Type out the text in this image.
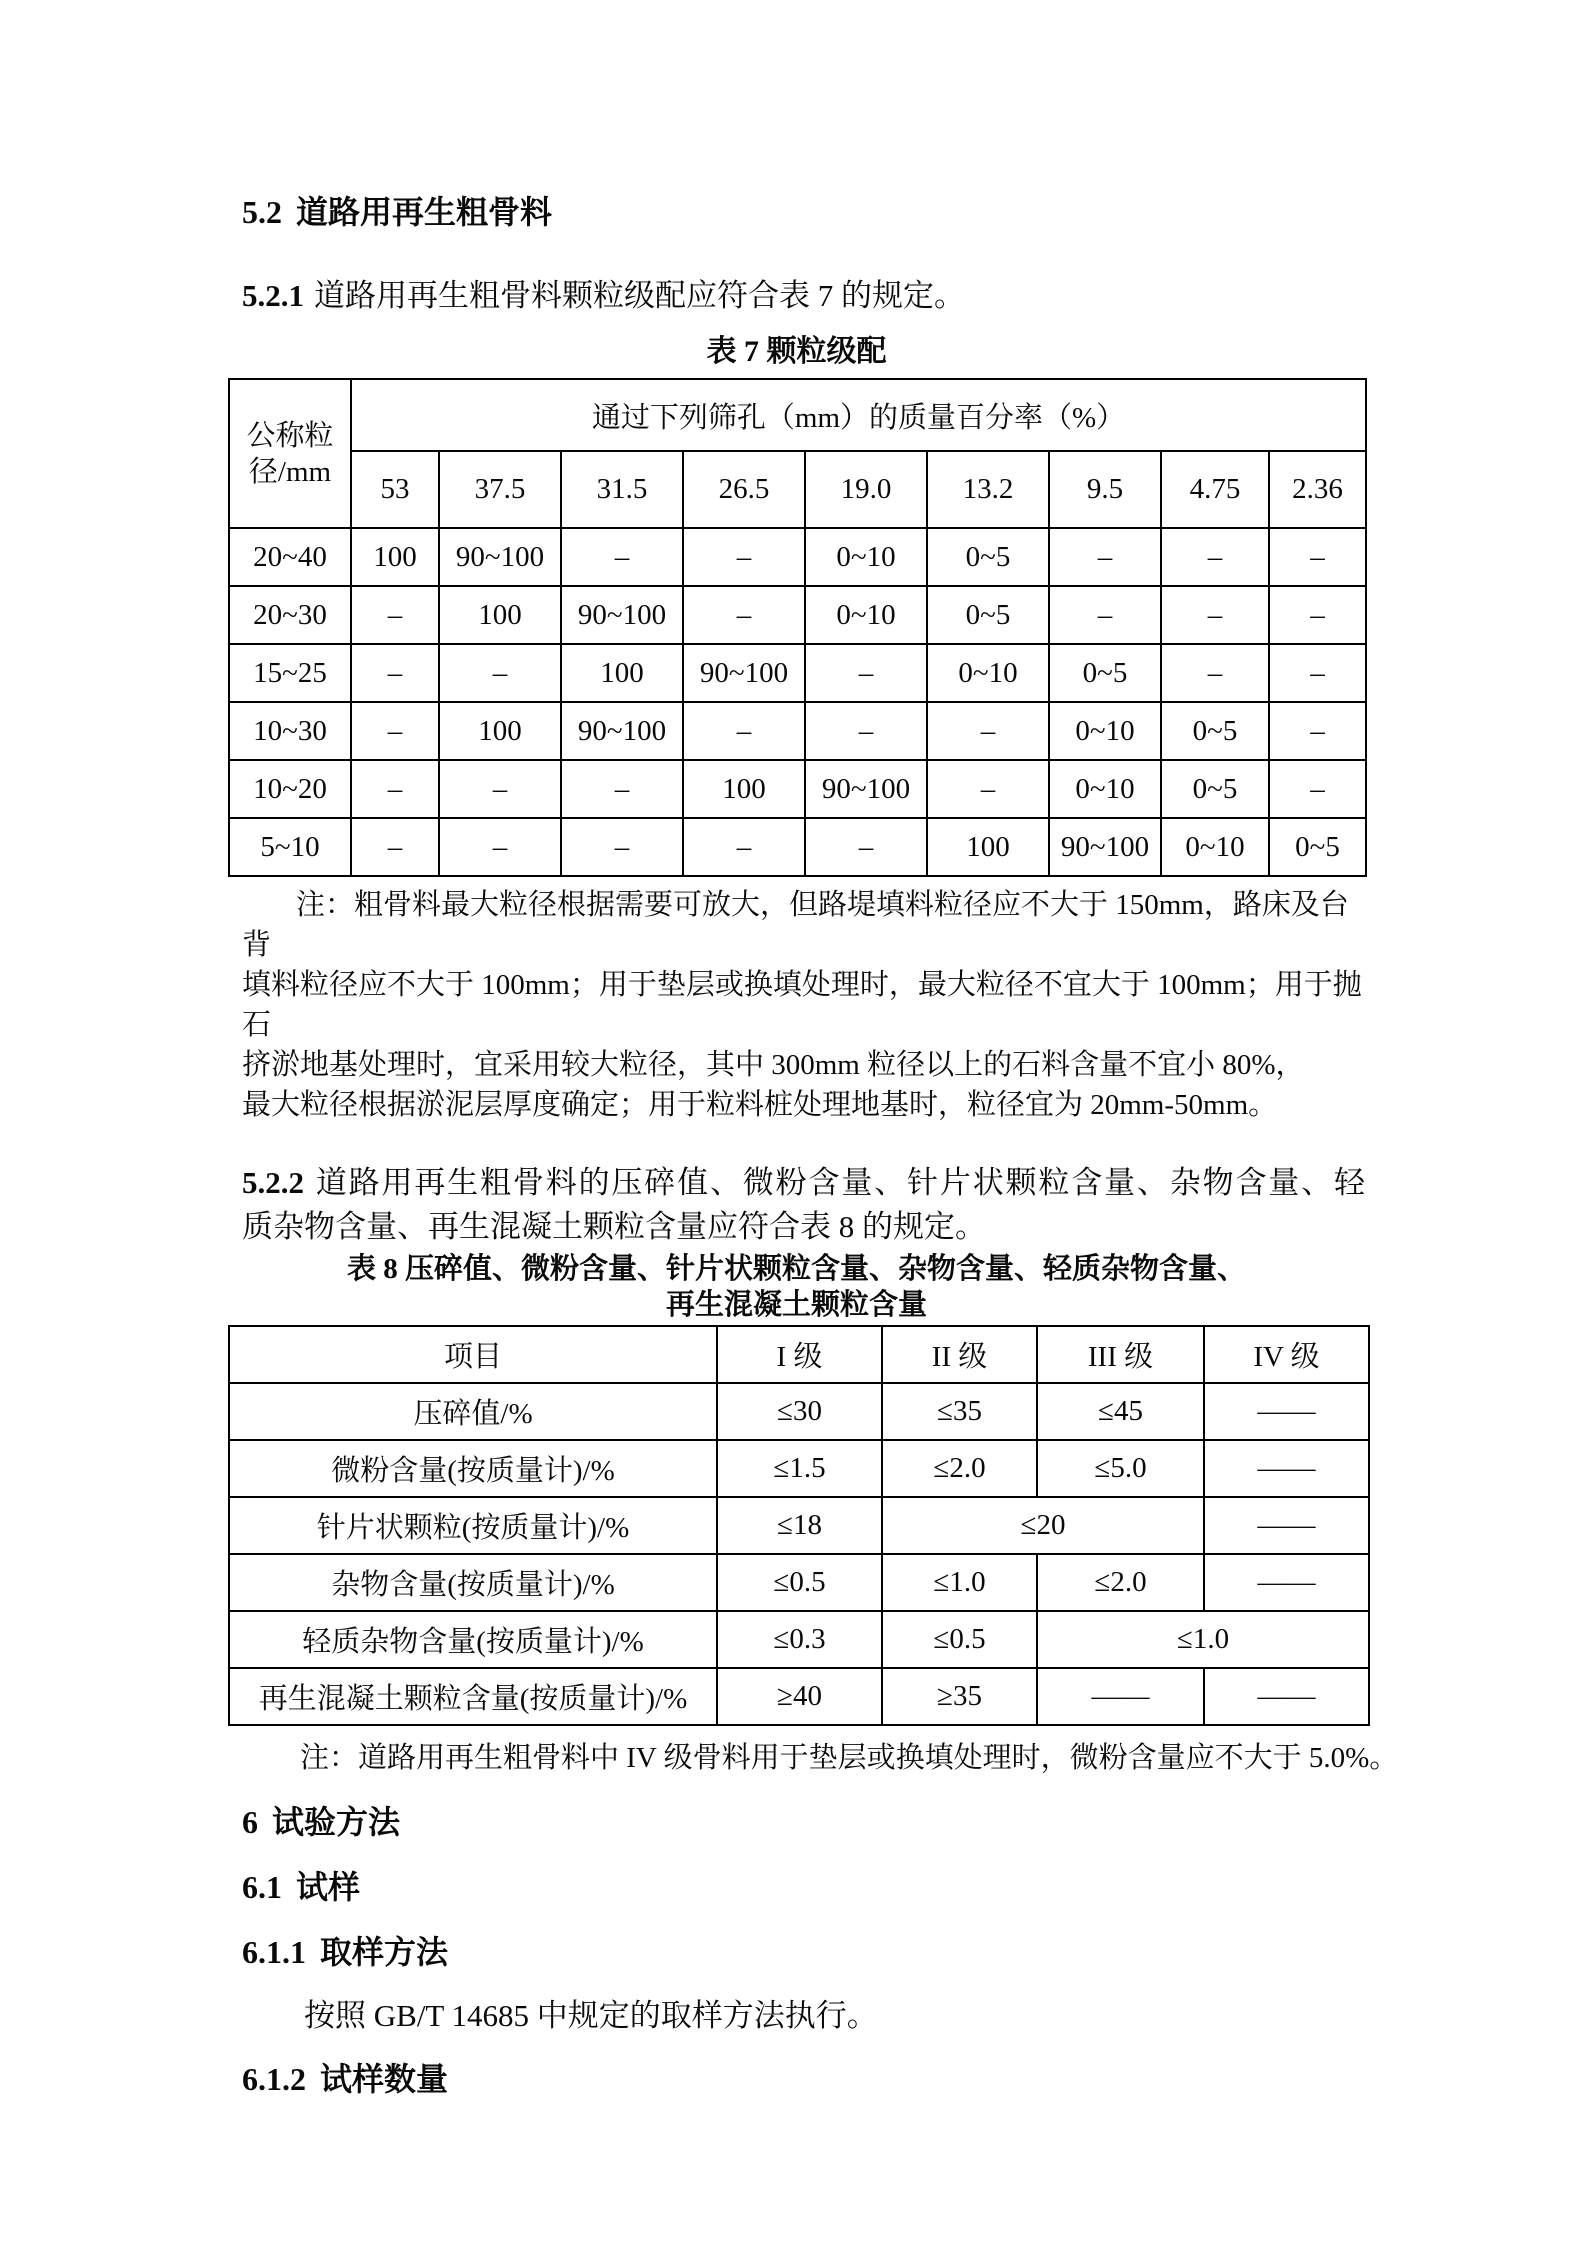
5.2 道路用再生粗骨料
5.2.1 道路用再生粗骨料颗粒级配应符合表 7 的规定。
表 7 颗粒级配
公称粒
径/mm	通过下列筛孔（mm）的质量百分率（%）								
	53	37.5	31.5	26.5	19.0	13.2	9.5	4.75	2.36
20~40	100	90~100	–	–	0~10	0~5	–	–	–
20~30	–	100	90~100	–	0~10	0~5	–	–	–
15~25	–	–	100	90~100	–	0~10	0~5	–	–
10~30	–	100	90~100	–	–	–	0~10	0~5	–
10~20	–	–	–	100	90~100	–	0~10	0~5	–
5~10	–	–	–	–	–	100	90~100	0~10	0~5
注：粗骨料最大粒径根据需要可放大，但路堤填料粒径应不大于 150mm，路床及台 背
填料粒径应不大于 100mm；用于垫层或换填处理时，最大粒径不宜大于 100mm；用于抛石
挤淤地基处理时，宜采用较大粒径，其中 300mm 粒径以上的石料含量不宜小 80%，
最大粒径根据淤泥层厚度确定；用于粒料桩处理地基时，粒径宜为 20mm-50mm。
5.2.2 道路用再生粗骨料的压碎值、微粉含量、针片状颗粒含量、杂物含量、轻
质杂物含量、再生混凝土颗粒含量应符合表 8 的规定。
表 8 压碎值、微粉含量、针片状颗粒含量、杂物含量、轻质杂物含量、
再生混凝土颗粒含量
项目	I 级	II 级	III 级	IV 级
压碎值/%	≤30	≤35	≤45	——
微粉含量(按质量计)/%	≤1.5	≤2.0	≤5.0	——
针片状颗粒(按质量计)/%	≤18	≤20		——
杂物含量(按质量计)/%	≤0.5	≤1.0	≤2.0	——
轻质杂物含量(按质量计)/%	≤0.3	≤0.5	≤1.0	
再生混凝土颗粒含量(按质量计)/%	≥40	≥35	——	——
注：道路用再生粗骨料中 IV 级骨料用于垫层或换填处理时，微粉含量应不大于 5.0%。
6 试验方法
6.1 试样
6.1.1 取样方法
按照 GB/T 14685 中规定的取样方法执行。
6.1.2 试样数量
